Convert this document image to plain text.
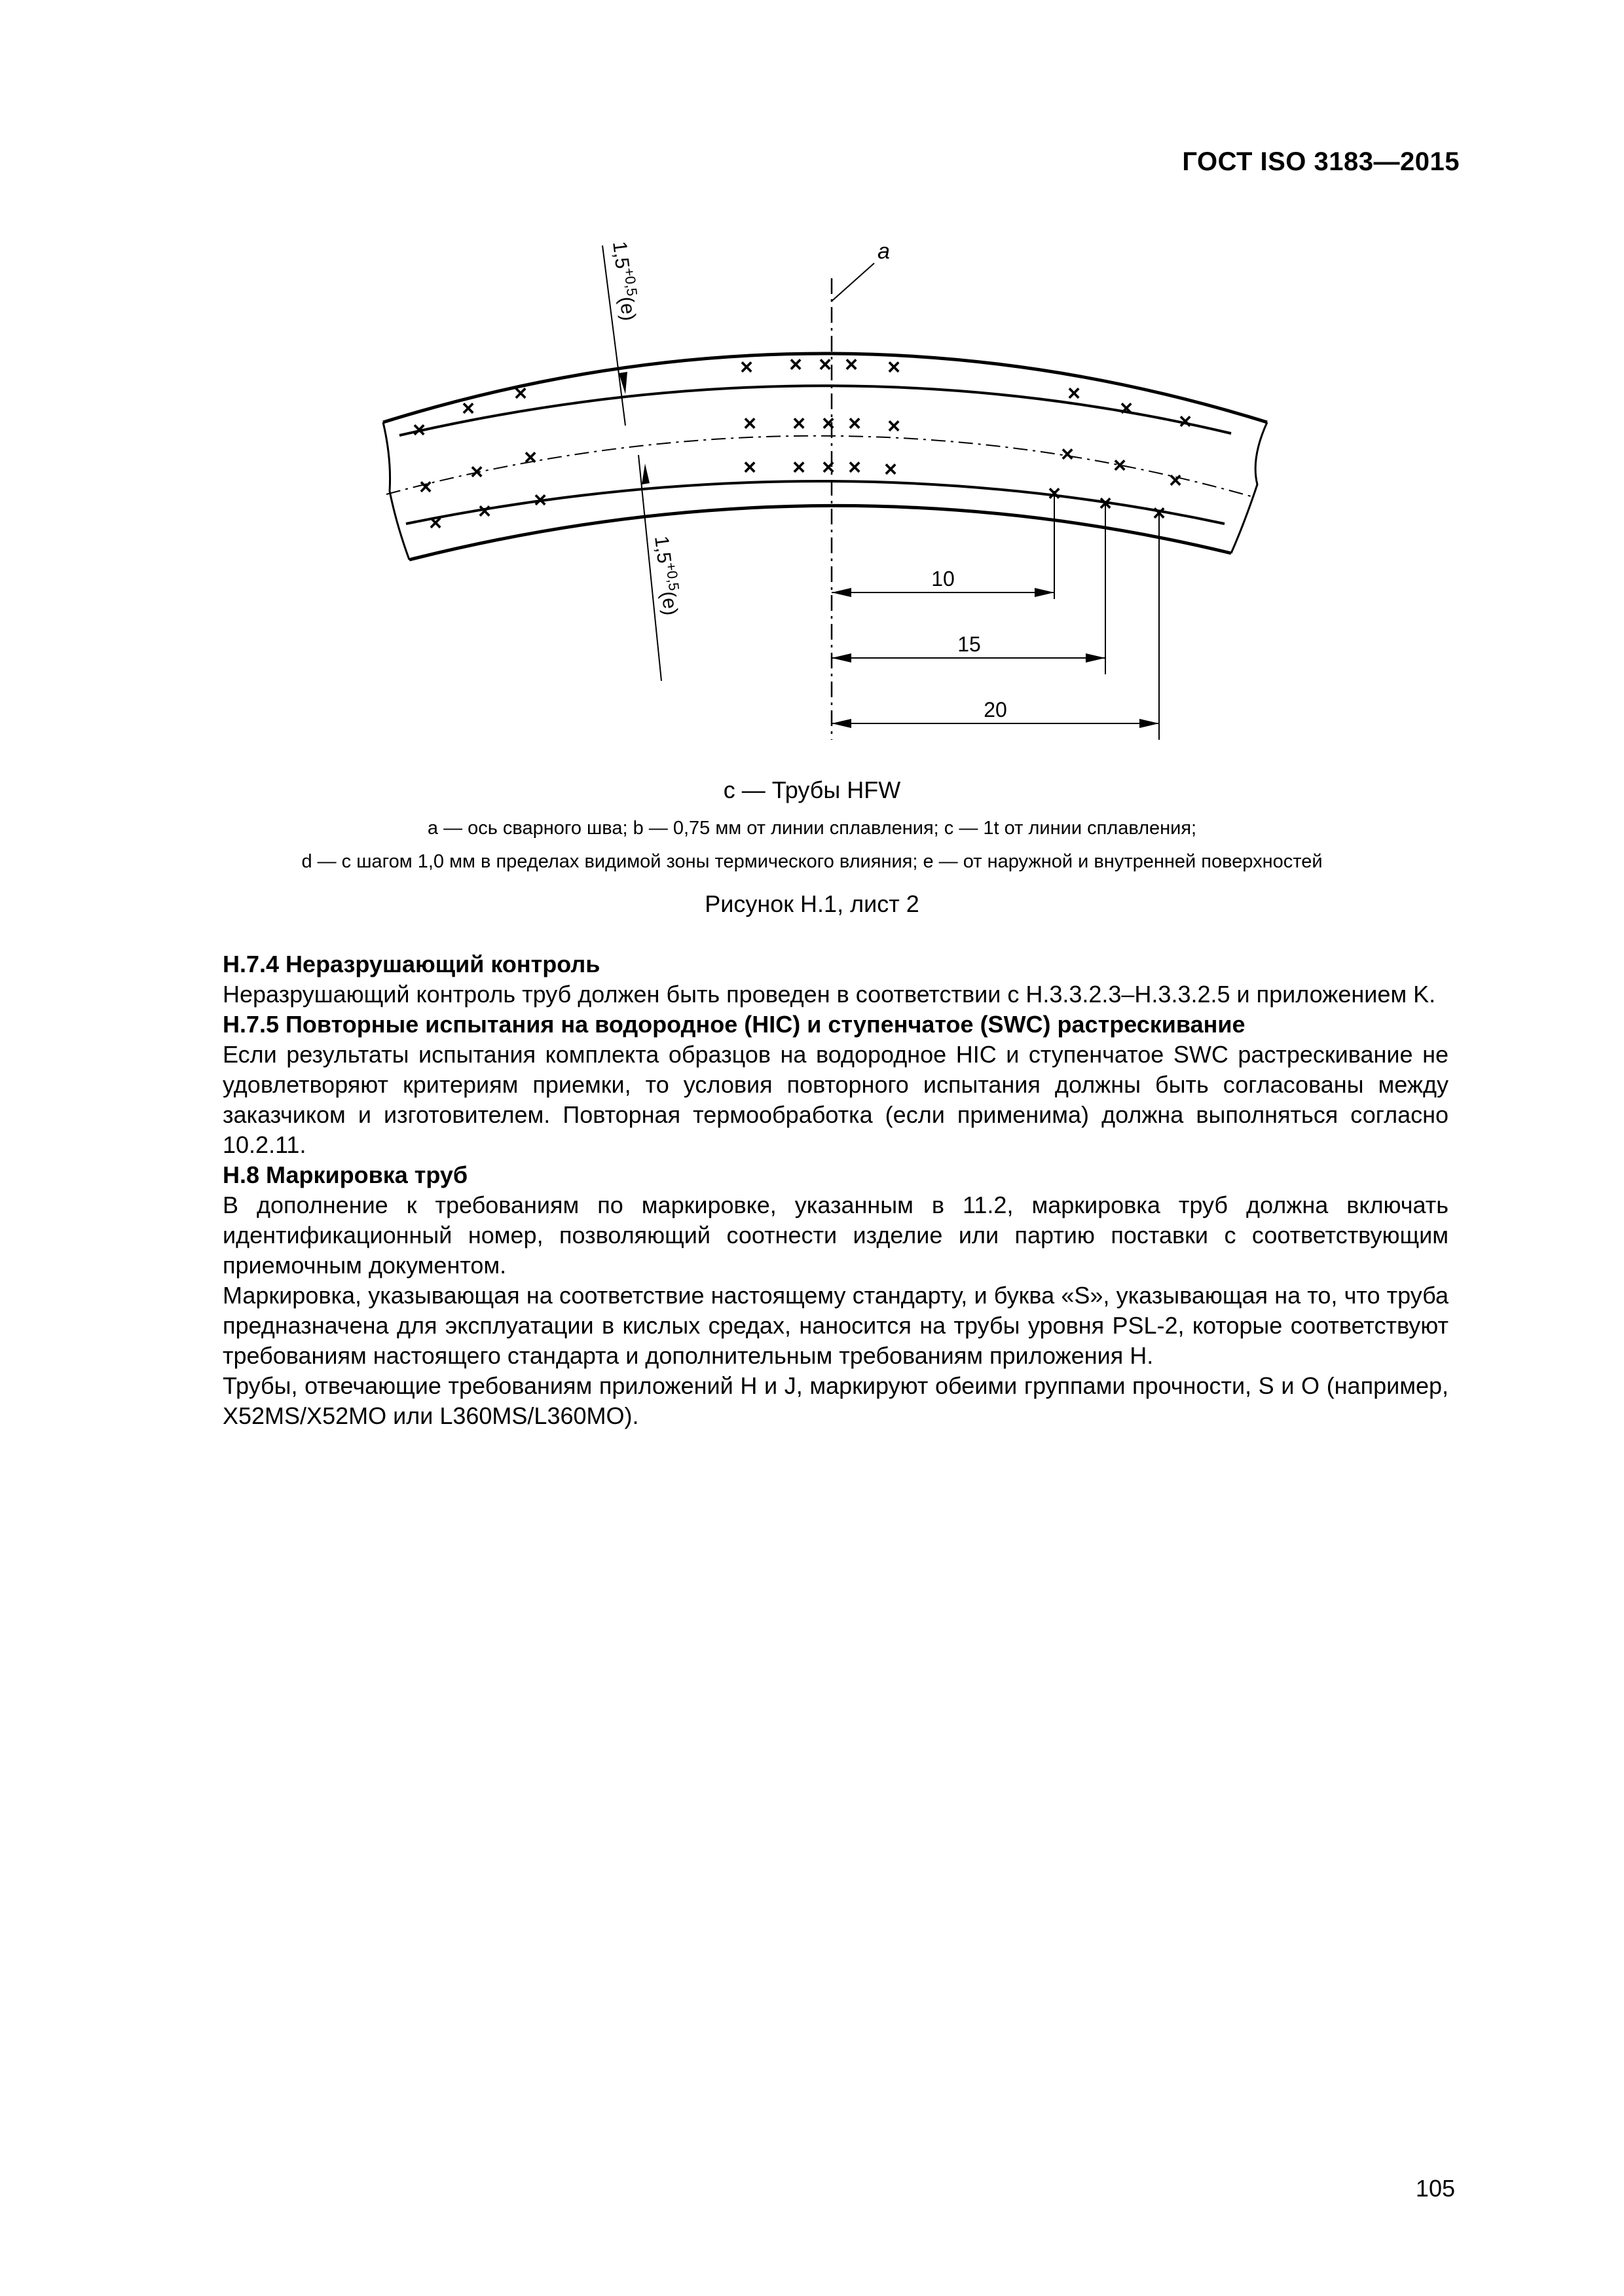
ГОСТ ISO 3183—2015
×
×
×
× × × × ×
×
×
×
×
×
×
× × × × ×
× ×
×
× × ×
× × × × ×
× × ×
a
10
15
20
$1,5^{+0,5}(e)$
$1,5^{+0,5}(e)$
c — Трубы HFW
a — ось сварного шва; b — 0,75 мм от линии сплавления; c — 1t от линии сплавления;
d — с шагом 1,0 мм в пределах видимой зоны термического влияния; e — от наружной и внутренней поверхностей
Рисунок H.1, лист 2

H.7.4 Неразрушающий контроль

Неразрушающий контроль труб должен быть проведен в соответствии с H.3.3.2.3–H.3.3.2.5 и приложением K.

H.7.5 Повторные испытания на водородное (HIC) и ступенчатое (SWC) растрескивание

Если результаты испытания комплекта образцов на водородное HIC и ступенчатое SWC растрескивание не удовлетворяют критериям приемки, то условия повторного испытания должны быть согласованы между заказчиком и изготовителем. Повторная термообработка (если применима) должна выполняться согласно 10.2.11.

H.8 Маркировка труб

В дополнение к требованиям по маркировке, указанным в 11.2, маркировка труб должна включать идентификационный номер, позволяющий соотнести изделие или партию поставки с соответствующим приемочным документом.

Маркировка, указывающая на соответствие настоящему стандарту, и буква «S», указывающая на то, что труба предназначена для эксплуатации в кислых средах, наносится на трубы уровня PSL-2, которые соответствуют требованиям настоящего стандарта и дополнительным требованиям приложения H.

Трубы, отвечающие требованиям приложений H и J, маркируют обеими группами прочности, S и O (например, X52MS/X52MO или L360MS/L360MO).

105
